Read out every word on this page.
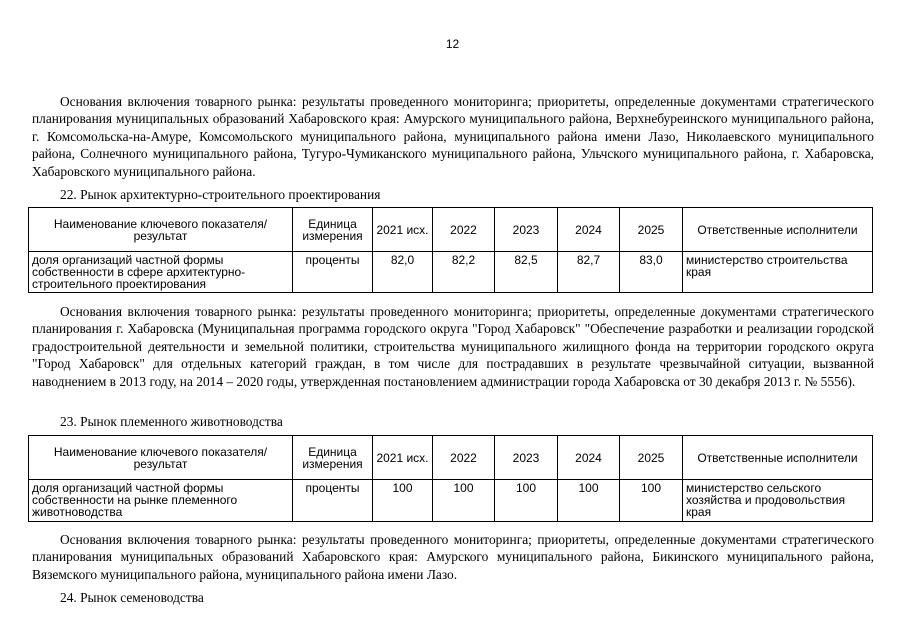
12

Основания включения товарного рынка: результаты проведенного мониторинга; приоритеты, определенные документами стратегического планирования муниципальных образований Хабаровского края: Амурского муниципального района, Верхнебуреинского муниципального района, г. Комсомольска-на-Амуре, Комсомольского муниципального района, муниципального района имени Лазо, Николаевского муниципального района, Солнечного муниципального района, Тугуро-Чумиканского муниципального района, Ульчского муниципального района, г. Хабаровска, Хабаровского муниципального района.

22. Рынок архитектурно-строительного проектирования
Наименование ключевого показателя/результат	Единица измерения	2021 исх.	2022	2023	2024	2025	Ответственные исполнители
доля организаций частной формы собственности в сфере архитектурно-строительного проектирования	проценты	82,0	82,2	82,5	82,7	83,0	министерство строительства края

Основания включения товарного рынка: результаты проведенного мониторинга; приоритеты, определенные документами стратегического планирования г. Хабаровска (Муниципальная программа городского округа "Город Хабаровск" "Обеспечение разработки и реализации городской градостроительной деятельности и земельной политики, строительства муниципального жилищного фонда на территории городского округа "Город Хабаровск" для отдельных категорий граждан, в том числе для пострадавших в результате чрезвычайной ситуации, вызванной наводнением в 2013 году, на 2014 – 2020 годы, утвержденная постановлением администрации города Хабаровска от 30 декабря 2013 г. № 5556).

23. Рынок племенного животноводства
Наименование ключевого показателя/результат	Единица измерения	2021 исх.	2022	2023	2024	2025	Ответственные исполнители
доля организаций частной формы собственности на рынке племенного животноводства	проценты	100	100	100	100	100	министерство сельского хозяйства и продовольствия края

Основания включения товарного рынка: результаты проведенного мониторинга; приоритеты, определенные документами стратегического планирования муниципальных образований Хабаровского края: Амурского муниципального района, Бикинского муниципального района, Вяземского муниципального района, муниципального района имени Лазо.

24. Рынок семеноводства
